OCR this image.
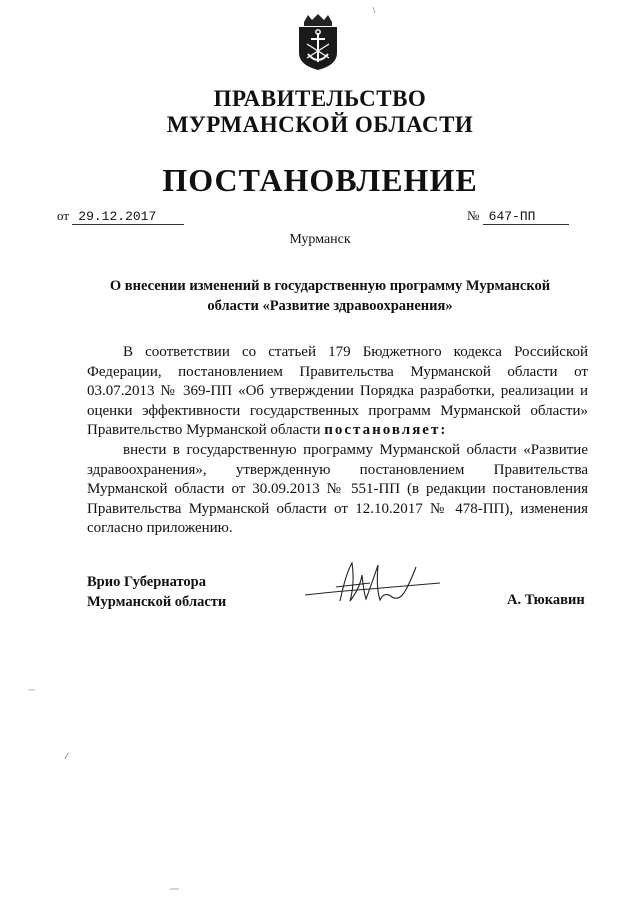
ПРАВИТЕЛЬСТВО
МУРМАНСКОЙ ОБЛАСТИ
ПОСТАНОВЛЕНИЕ
от 29.12.2017	№ 647-ПП
Мурманск
О внесении изменений в государственную программу Мурманской
области «Развитие здравоохранения»

В соответствии со статьей 179 Бюджетного кодекса Российской Федерации, постановлением Правительства Мурманской области от 03.07.2013 № 369-ПП «Об утверждении Порядка разработки, реализации и оценки эффективности государственных программ Мурманской области» Правительство Мурманской области постановляет:

внести в государственную программу Мурманской области «Развитие здравоохранения», утвержденную постановлением Правительства Мурманской области от 30.09.2013 № 551-ПП (в редакции постановления Правительства Мурманской области от 12.10.2017 № 478-ПП), изменения согласно приложению.

Врио Губернатора
Мурманской области	А. Тюкавин
